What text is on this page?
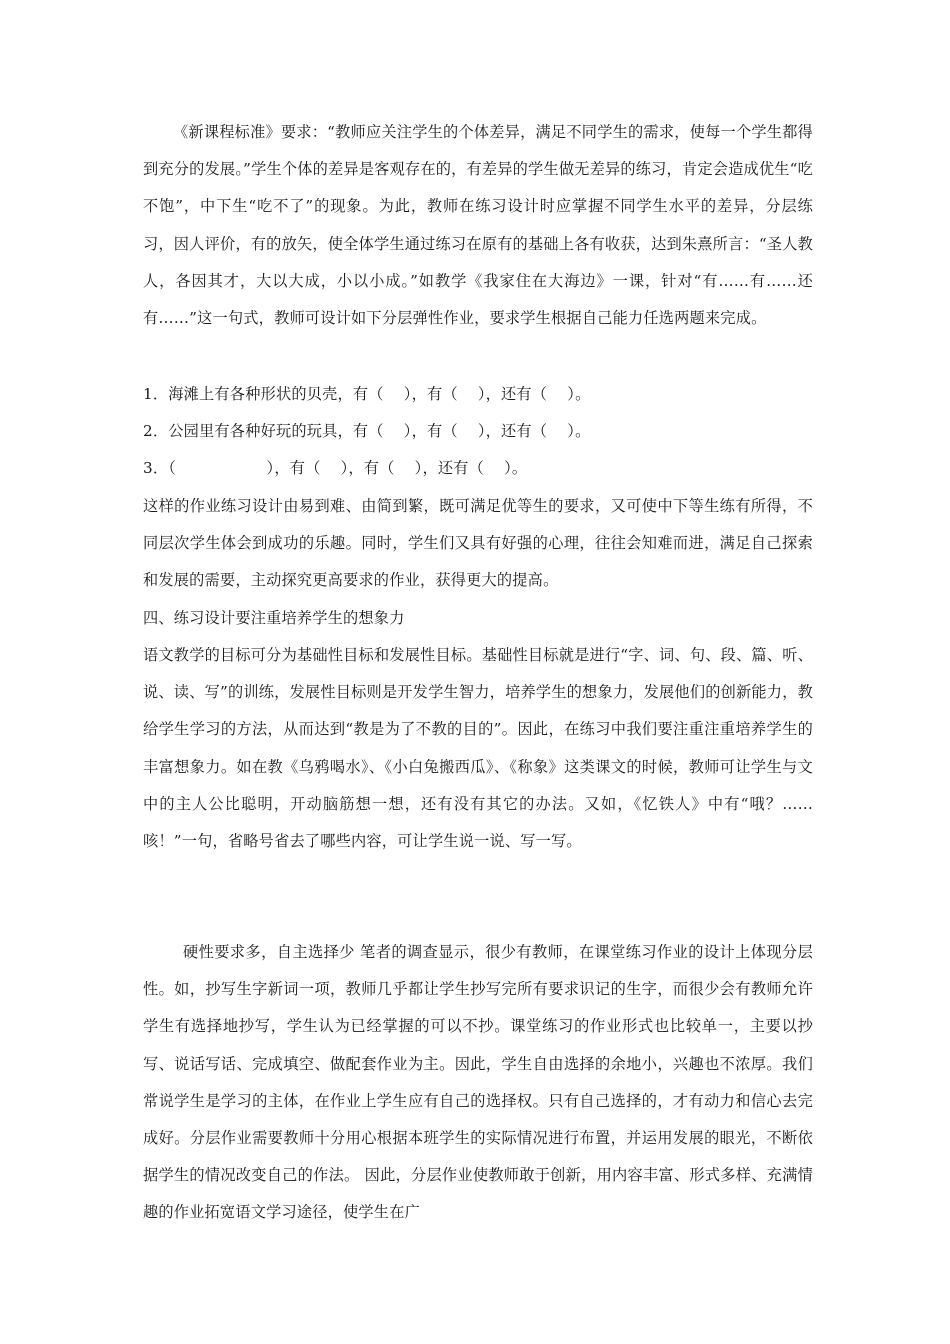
《新课程标准》要求：“教师应关注学生的个体差异，满足不同学生的需求，使每一个学生都得到充分的发展。”学生个体的差异是客观存在的，有差异的学生做无差异的练习，肯定会造成优生“吃不饱”，中下生“吃不了”的现象。为此，教师在练习设计时应掌握不同学生水平的差异，分层练习，因人评价，有的放矢，使全体学生通过练习在原有的基础上各有收获，达到朱熹所言：“圣人教人，各因其才，大以大成，小以小成。”如教学《我家住在大海边》一课，针对“有……有……还有……”这一句式，教师可设计如下分层弹性作业，要求学生根据自己能力任选两题来完成。

1．海滩上有各种形状的贝壳，有（    ），有（    ），还有（    ）。

2．公园里有各种好玩的玩具，有（    ），有（    ），还有（    ）。

3．（                  ），有（    ），有（    ），还有（    ）。

这样的作业练习设计由易到难、由简到繁，既可满足优等生的要求，又可使中下等生练有所得，不同层次学生体会到成功的乐趣。同时，学生们又具有好强的心理，往往会知难而进，满足自己探索和发展的需要，主动探究更高要求的作业，获得更大的提高。

四、练习设计要注重培养学生的想象力

语文教学的目标可分为基础性目标和发展性目标。基础性目标就是进行“字、词、句、段、篇、听、说、读、写”的训练，发展性目标则是开发学生智力，培养学生的想象力，发展他们的创新能力，教给学生学习的方法，从而达到“教是为了不教的目的”。因此，在练习中我们要注重注重培养学生的丰富想象力。如在教《乌鸦喝水》、《小白兔搬西瓜》、《称象》这类课文的时候，教师可让学生与文中的主人公比聪明，开动脑筋想一想，还有没有其它的办法。又如，《忆铁人》中有“哦？……咳！”一句，省略号省去了哪些内容，可让学生说一说、写一写。

硬性要求多，自主选择少 笔者的调查显示，很少有教师，在课堂练习作业的设计上体现分层性。如，抄写生字新词一项，教师几乎都让学生抄写完所有要求识记的生字，而很少会有教师允许学生有选择地抄写，学生认为已经掌握的可以不抄。课堂练习的作业形式也比较单一，主要以抄写、说话写话、完成填空、做配套作业为主。因此，学生自由选择的余地小，兴趣也不浓厚。我们常说学生是学习的主体，在作业上学生应有自己的选择权。只有自己选择的，才有动力和信心去完成好。分层作业需要教师十分用心根据本班学生的实际情况进行布置，并运用发展的眼光，不断依据学生的情况改变自己的作法。 因此，分层作业使教师敢于创新，用内容丰富、形式多样、充满情趣的作业拓宽语文学习途径，使学生在广
